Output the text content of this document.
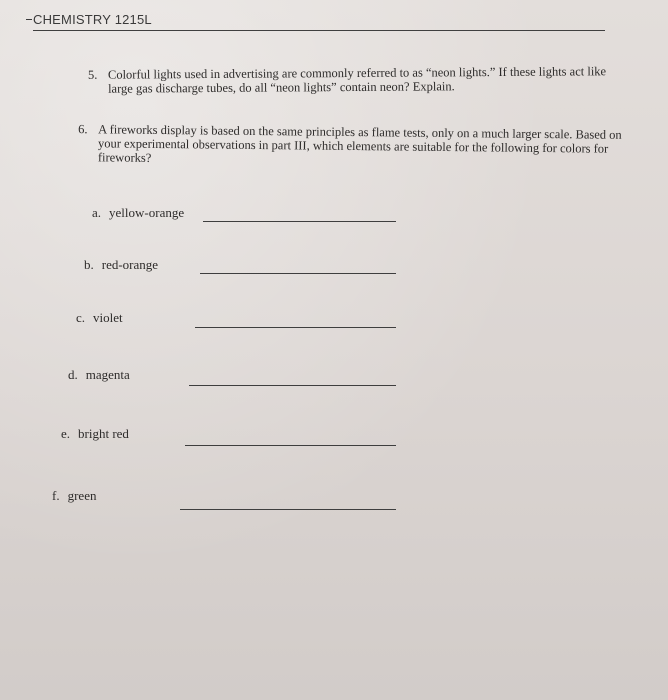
CHEMISTRY 1215L
5. Colorful lights used in advertising are commonly referred to as “neon lights.” If these lights act like large gas discharge tubes, do all “neon lights” contain neon? Explain.
6. A fireworks display is based on the same principles as flame tests, only on a much larger scale. Based on your experimental observations in part III, which elements are suitable for the following for colors for fireworks?
a. yellow-orange
b. red-orange
c. violet
d. magenta
e. bright red
f. green
